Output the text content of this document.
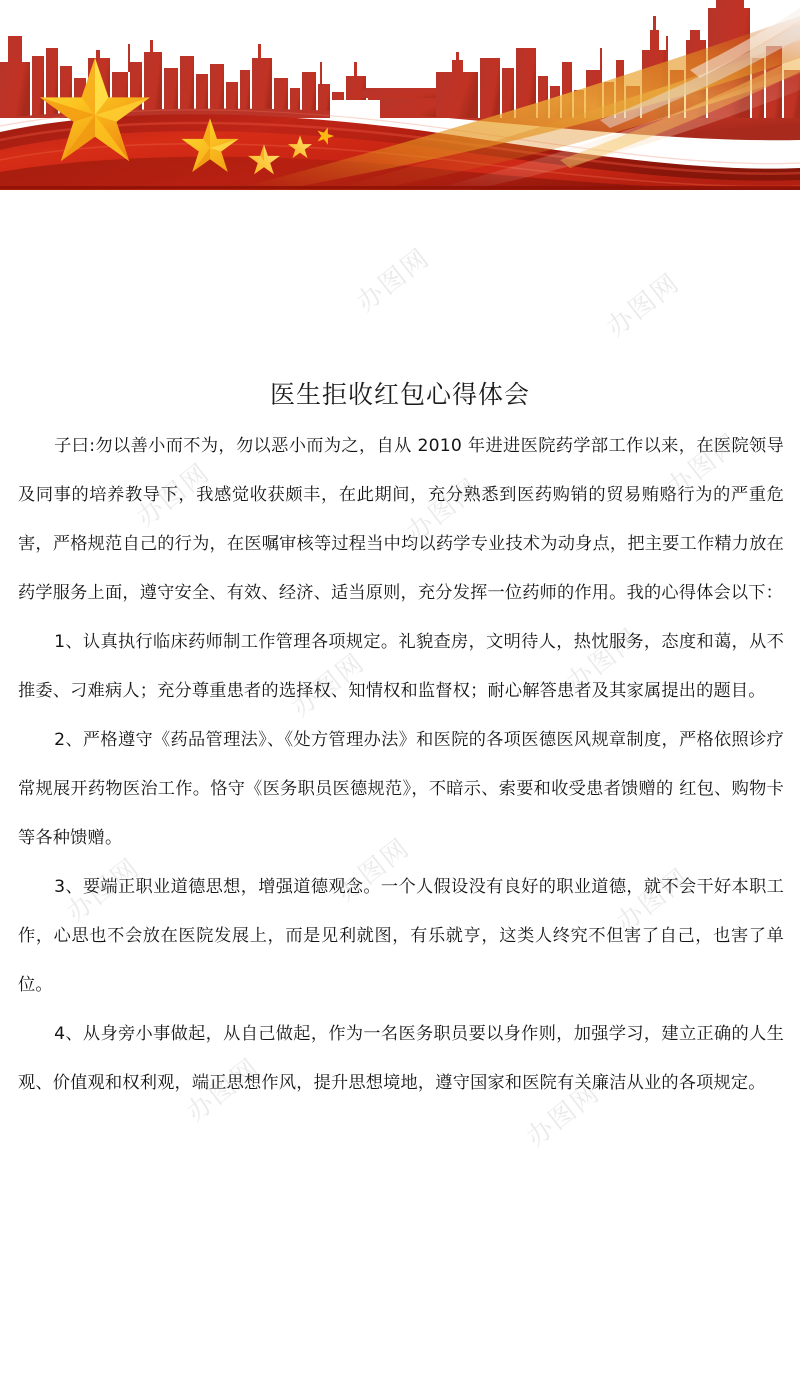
办图网	办图网
办图网	办图网
办图网
办图网	办图网
办图网	办图网	办图网
办图网	办图网
医生拒收红包心得体会

子曰:勿以善小而不为，勿以恶小而为之，自从 2010 年进进医院药学部工作以来，在医院领导及同事的培养教导下，我感觉收获颇丰，在此期间，充分熟悉到医药购销的贸易贿赂行为的严重危害，严格规范自己的行为，在医嘱审核等过程当中均以药学专业技术为动身点，把主要工作精力放在药学服务上面，遵守安全、有效、经济、适当原则，充分发挥一位药师的作用。我的心得体会以下：

1、认真执行临床药师制工作管理各项规定。礼貌查房，文明待人，热忱服务，态度和蔼，从不推委、刁难病人；充分尊重患者的选择权、知情权和监督权；耐心解答患者及其家属提出的题目。

2、严格遵守《药品管理法》、《处方管理办法》和医院的各项医德医风规章制度，严格依照诊疗常规展开药物医治工作。恪守《医务职员医德规范》，不暗示、索要和收受患者馈赠的 红包、购物卡等各种馈赠。

3、要端正职业道德思想，增强道德观念。一个人假设没有良好的职业道德，就不会干好本职工作，心思也不会放在医院发展上，而是见利就图，有乐就亨，这类人终究不但害了自己，也害了单位。

4、从身旁小事做起，从自己做起，作为一名医务职员要以身作则，加强学习，建立正确的人生观、价值观和权利观，端正思想作风，提升思想境地，遵守国家和医院有关廉洁从业的各项规定。
